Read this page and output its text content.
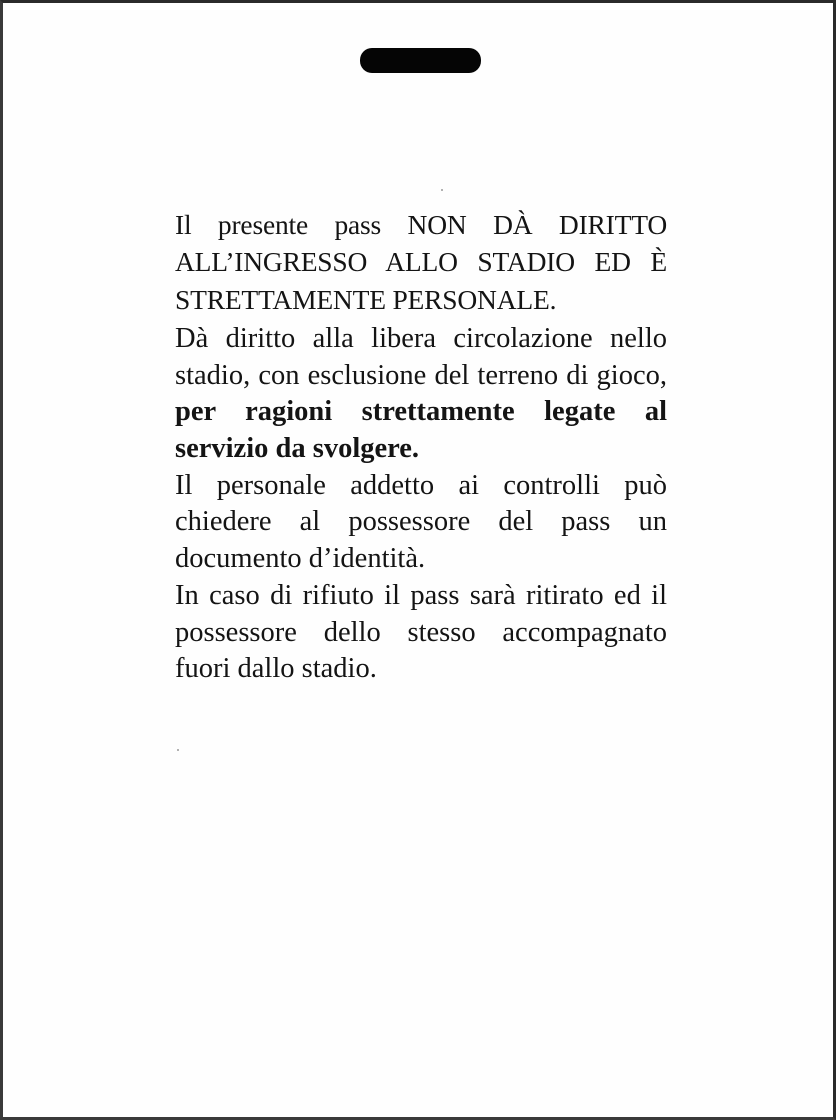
Il presente pass NON DÀ DIRITTO ALL’INGRESSO ALLO STADIO ED È STRETTAMENTE PERSONALE.

Dà diritto alla libera circolazione nello stadio, con esclusione del terreno di gioco, per ragioni strettamente legate al servizio da svolgere.

Il personale addetto ai controlli può chiedere al possessore del pass un documento d’identità.

In caso di rifiuto il pass sarà ritirato ed il possessore dello stesso accompagnato fuori dallo stadio.
